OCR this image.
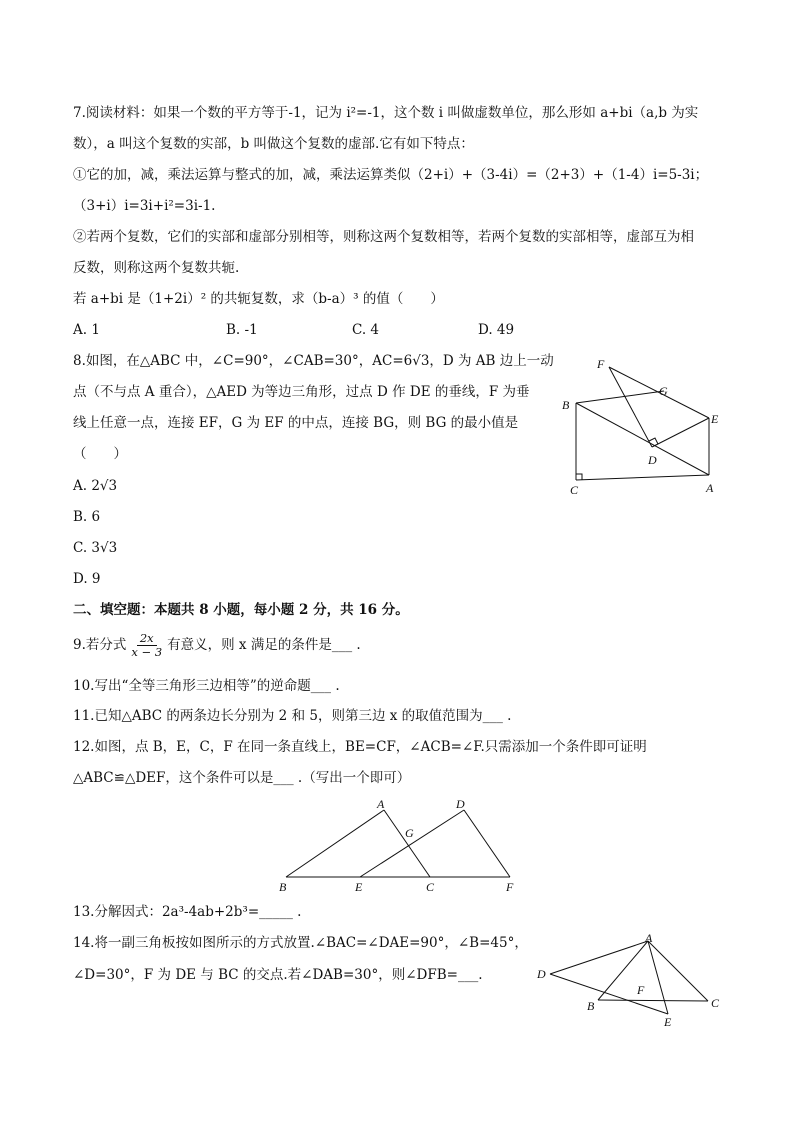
7.阅读材料：如果一个数的平方等于-1，记为 i²=-1，这个数 i 叫做虚数单位，那么形如 a+bi（a,b 为实
数），a 叫这个复数的实部，b 叫做这个复数的虚部.它有如下特点：
①它的加，减，乘法运算与整式的加，减，乘法运算类似（2+i）+（3-4i）=（2+3）+（1-4）i=5-3i；
（3+i）i=3i+i²=3i-1.
②若两个复数，它们的实部和虚部分别相等，则称这两个复数相等，若两个复数的实部相等，虚部互为相
反数，则称这两个复数共轭.
若 a+bi 是（1+2i）² 的共轭复数，求（b-a）³ 的值（　　）
A. 1	B. -1	C. 4	D. 49
8.如图，在△ABC 中，∠C=90°，∠CAB=30°，AC=6√3，D 为 AB 边上一动
点（不与点 A 重合），△AED 为等边三角形，过点 D 作 DE 的垂线，F 为垂
线上任意一点，连接 EF，G 为 EF 的中点，连接 BG，则 BG 的最小值是
（　　）
A. 2√3
B. 6
C. 3√3
D. 9
F
G
B
E
D
C	A
二、填空题：本题共 8 小题，每小题 2 分，共 16 分。
9.若分式 $\frac{2x}{x - 3}$ 有意义，则 x 满足的条件是___ .
10.写出“全等三角形三边相等”的逆命题___ .
11.已知△ABC 的两条边长分别为 2 和 5，则第三边 x 的取值范围为___ .
12.如图，点 B，E，C，F 在同一条直线上，BE=CF，∠ACB=∠F.只需添加一个条件即可证明
△ABC≌△DEF，这个条件可以是___ .（写出一个即可）
A	D
G
B	E	C	F
13.分解因式：2a³-4ab+2b³=_____ .
14.将一副三角板按如图所示的方式放置.∠BAC=∠DAE=90°，∠B=45°，
∠D=30°，F 为 DE 与 BC 的交点.若∠DAB=30°，则∠DFB=___.
A
D
F
B
E
C
